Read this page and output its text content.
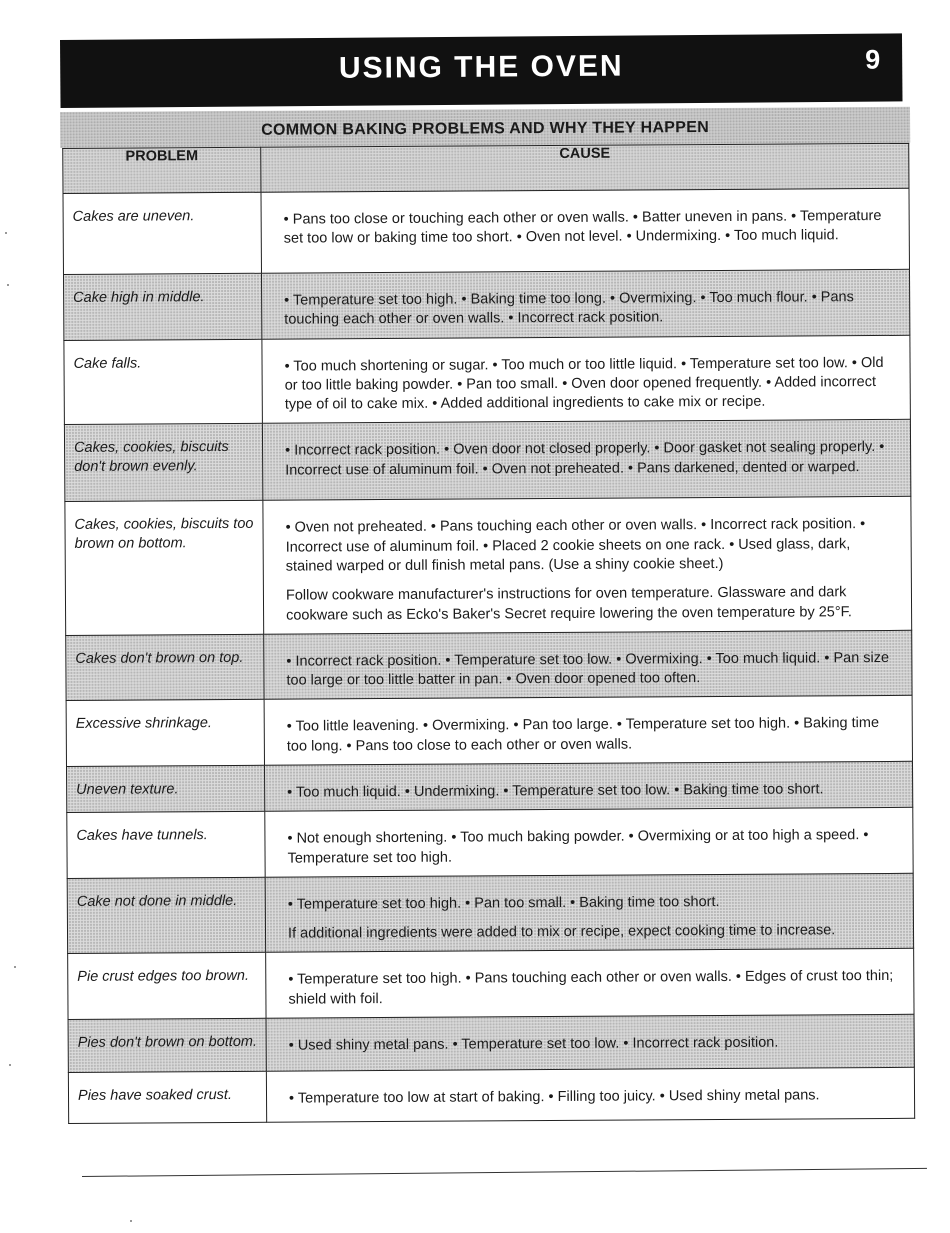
USING THE OVEN	9
COMMON BAKING PROBLEMS AND WHY THEY HAPPEN
PROBLEM	CAUSE
Cakes are uneven.	• Pans too close or touching each other or oven walls. • Batter uneven in pans. • Temperature set too low or baking time too short. • Oven not level. • Undermixing. • Too much liquid.

Cake high in middle.	• Temperature set too high. • Baking time too long. • Overmixing. • Too much flour. • Pans touching each other or oven walls. • Incorrect rack position.

Cake falls.	• Too much shortening or sugar. • Too much or too little liquid. • Temperature set too low. • Old or too little baking powder. • Pan too small. • Oven door opened frequently. • Added incorrect type of oil to cake mix. • Added additional ingredients to cake mix or recipe.

Cakes, cookies, biscuits don't brown evenly.	• Incorrect rack position. • Oven door not closed properly. • Door gasket not sealing properly. • Incorrect use of aluminum foil. • Oven not preheated. • Pans darkened, dented or warped.

Cakes, cookies, biscuits too brown on bottom.	• Oven not preheated. • Pans touching each other or oven walls. • Incorrect rack position. • Incorrect use of aluminum foil. • Placed 2 cookie sheets on one rack. • Used glass, dark, stained warped or dull finish metal pans. (Use a shiny cookie sheet.)
Follow cookware manufacturer's instructions for oven temperature. Glassware and dark cookware such as Ecko's Baker's Secret require lowering the oven temperature by 25°F.

Cakes don't brown on top.	• Incorrect rack position. • Temperature set too low. • Overmixing. • Too much liquid. • Pan size too large or too little batter in pan. • Oven door opened too often.

Excessive shrinkage.	• Too little leavening. • Overmixing. • Pan too large. • Temperature set too high. • Baking time too long. • Pans too close to each other or oven walls.

Uneven texture.	• Too much liquid. • Undermixing. • Temperature set too low. • Baking time too short.

Cakes have tunnels.	• Not enough shortening. • Too much baking powder. • Overmixing or at too high a speed. • Temperature set too high.

Cake not done in middle.	• Temperature set too high. • Pan too small. • Baking time too short.
If additional ingredients were added to mix or recipe, expect cooking time to increase.

Pie crust edges too brown.	• Temperature set too high. • Pans touching each other or oven walls. • Edges of crust too thin; shield with foil.

Pies don't brown on bottom.	• Used shiny metal pans. • Temperature set too low. • Incorrect rack position.

Pies have soaked crust.	• Temperature too low at start of baking. • Filling too juicy. • Used shiny metal pans.
